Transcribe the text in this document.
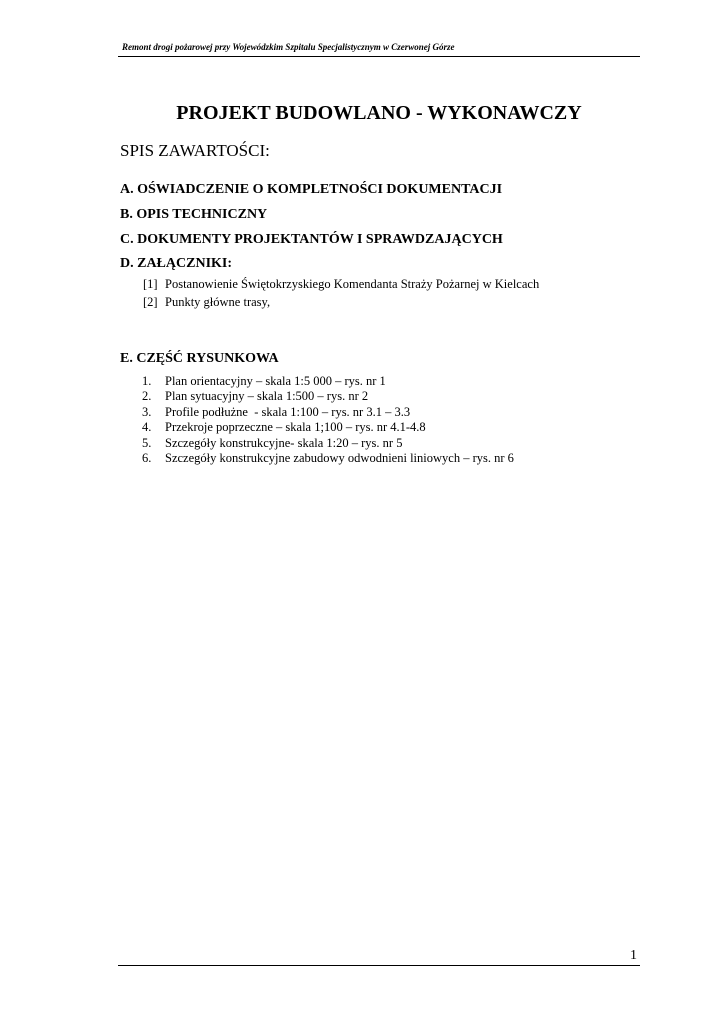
Remont drogi pożarowej przy Wojewódzkim Szpitalu Specjalistycznym w Czerwonej Górze
PROJEKT BUDOWLANO - WYKONAWCZY
SPIS ZAWARTOŚCI:
A. OŚWIADCZENIE O KOMPLETNOŚCI DOKUMENTACJI
B. OPIS TECHNICZNY
C. DOKUMENTY PROJEKTANTÓW I SPRAWDZAJĄCYCH
D. ZAŁĄCZNIKI:
[1] Postanowienie Świętokrzyskiego Komendanta Straży Pożarnej w Kielcach
[2] Punkty główne trasy,
E. CZĘŚĆ RYSUNKOWA
1. Plan orientacyjny – skala 1:5 000 – rys. nr 1
2. Plan sytuacyjny – skala 1:500 – rys. nr 2
3. Profile podłużne  - skala 1:100 – rys. nr 3.1 – 3.3
4. Przekroje poprzeczne – skala 1;100 – rys. nr 4.1-4.8
5. Szczegóły konstrukcyjne- skala 1:20 – rys. nr 5
6. Szczegóły konstrukcyjne zabudowy odwodnieni liniowych – rys. nr 6
1
